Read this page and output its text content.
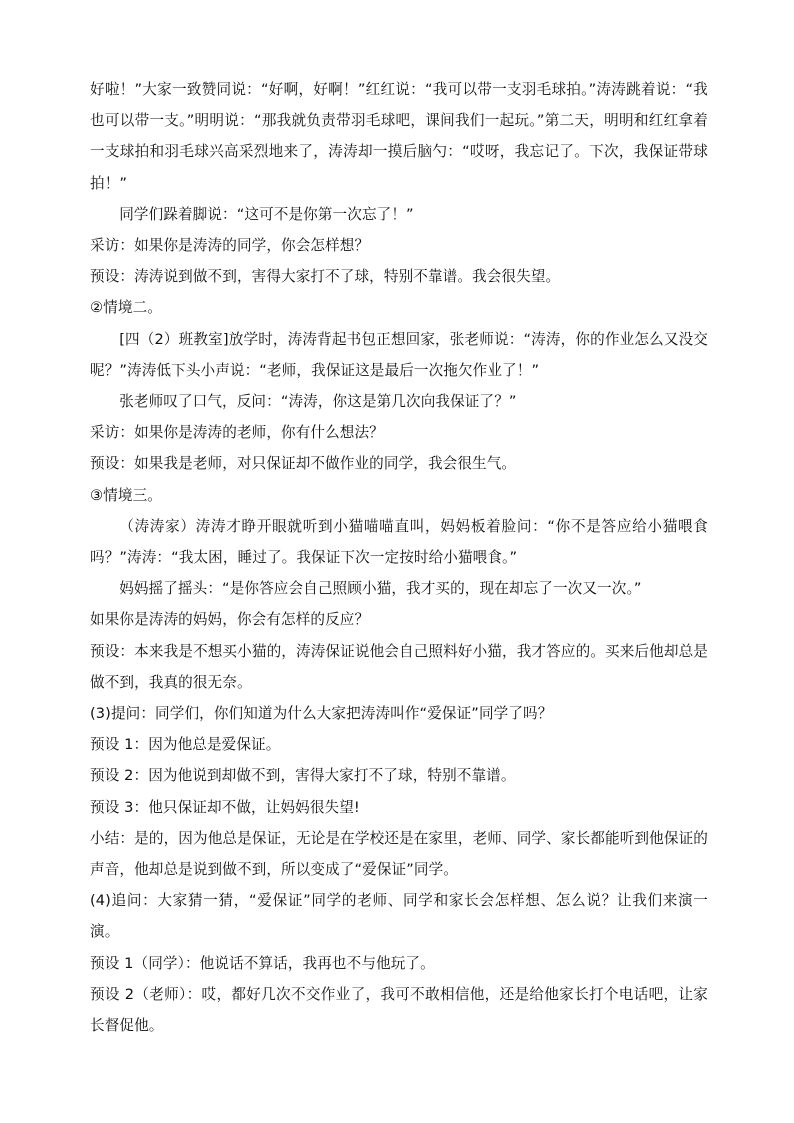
好啦！”大家一致赞同说：“好啊，好啊！”红红说：“我可以带一支羽毛球拍。”涛涛跳着说：“我也可以带一支。”明明说：“那我就负责带羽毛球吧，课间我们一起玩。”第二天，明明和红红拿着一支球拍和羽毛球兴高采烈地来了，涛涛却一摸后脑勺：“哎呀，我忘记了。下次，我保证带球拍！”

同学们跺着脚说：“这可不是你第一次忘了！”

采访：如果你是涛涛的同学，你会怎样想？

预设：涛涛说到做不到，害得大家打不了球，特别不靠谱。我会很失望。

②情境二。

[四（2）班教室]放学时，涛涛背起书包正想回家，张老师说：“涛涛，你的作业怎么又没交呢？”涛涛低下头小声说：“老师，我保证这是最后一次拖欠作业了！”

张老师叹了口气，反问：“涛涛，你这是第几次向我保证了？”

采访：如果你是涛涛的老师，你有什么想法？

预设：如果我是老师，对只保证却不做作业的同学，我会很生气。

③情境三。

（涛涛家）涛涛才睁开眼就听到小猫喵喵直叫，妈妈板着脸问：“你不是答应给小猫喂食吗？”涛涛：“我太困，睡过了。我保证下次一定按时给小猫喂食。”

妈妈摇了摇头：“是你答应会自己照顾小猫，我才买的，现在却忘了一次又一次。”

如果你是涛涛的妈妈，你会有怎样的反应？

预设：本来我是不想买小猫的，涛涛保证说他会自己照料好小猫，我才答应的。买来后他却总是做不到，我真的很无奈。

(3)提问：同学们，你们知道为什么大家把涛涛叫作“爱保证”同学了吗？

预设 1：因为他总是爱保证。

预设 2：因为他说到却做不到，害得大家打不了球，特别不靠谱。

预设 3：他只保证却不做，让妈妈很失望!

小结：是的，因为他总是保证，无论是在学校还是在家里，老师、同学、家长都能听到他保证的声音，他却总是说到做不到，所以变成了“爱保证”同学。

(4)追问：大家猜一猜，“爱保证”同学的老师、同学和家长会怎样想、怎么说？让我们来演一演。

预设 1（同学）：他说话不算话，我再也不与他玩了。

预设 2（老师）：哎，都好几次不交作业了，我可不敢相信他，还是给他家长打个电话吧，让家长督促他。
